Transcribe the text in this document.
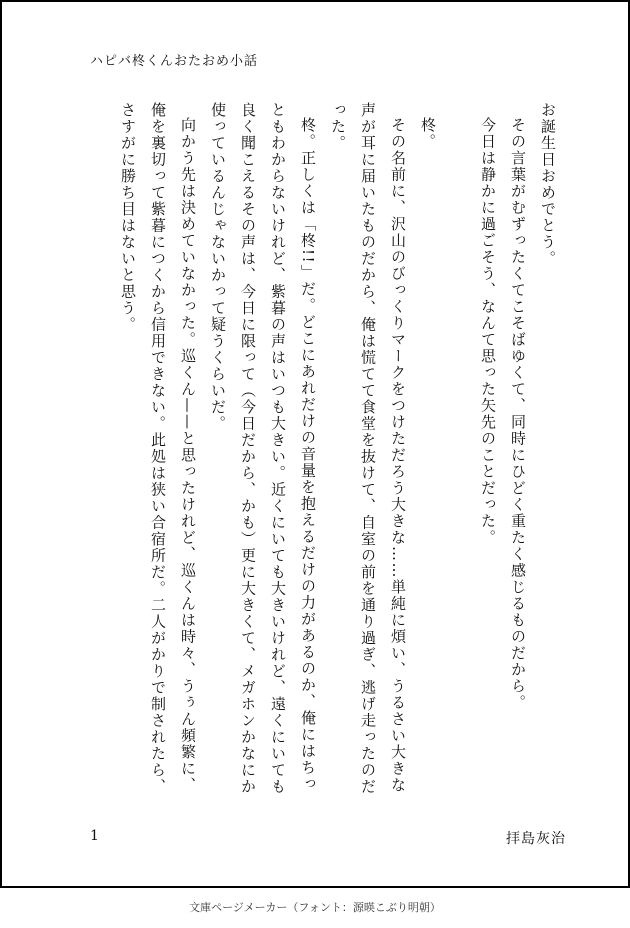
ハピバ柊くんおたおめ小話

お誕生日おめでとう。

その言葉がむずったくてこそばゆくて、同時にひどく重たく感じるものだから。

今日は静かに過ごそう、なんて思った矢先のことだった。

柊。

その名前に、沢山のびっくりマークをつけただろう大きな……単純に煩い、うるさい大きな声が耳に届いたものだから、俺は慌てて食堂を抜けて、自室の前を通り過ぎ、逃げ走ったのだった。

柊。正しくは「柊!!」だ。どこにあれだけの音量を抱えるだけの力があるのか、俺にはちっともわからないけれど、紫暮の声はいつも大きい。近くにいても大きいけれど、遠くにいても良く聞こえるその声は、今日に限って（今日だから、かも）更に大きくて、メガホンかなにか使っているんじゃないかって疑うくらいだ。

向かう先は決めていなかった。巡くん——と思ったけれど、巡くんは時々、うぅん頻繁に、俺を裏切って紫暮につくから信用できない。此処は狭い合宿所だ。二人がかりで制されたら、さすがに勝ち目はないと思う。

1	拝島灰治
文庫ページメーカー（フォント：源暎こぶり明朝）
